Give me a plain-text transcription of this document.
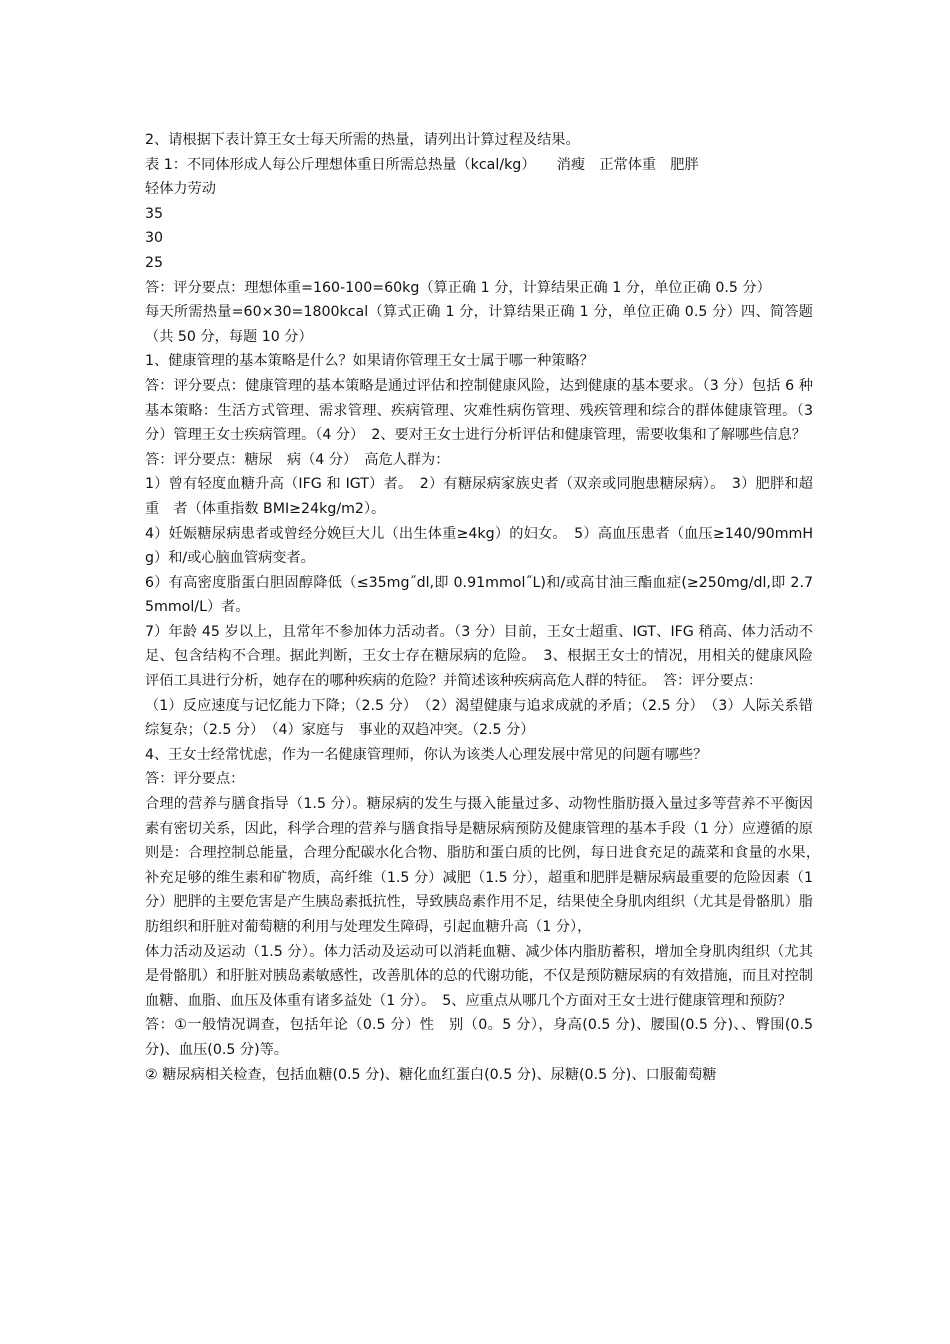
2、请根据下表计算王女士每天所需的热量，请列出计算过程及结果。

表 1：不同体形成人每公斤理想体重日所需总热量（kcal/kg）　　消瘦　正常体重　肥胖

轻体力劳动

35

30

25

答：评分要点：理想体重=160-100=60kg（算正确 1 分，计算结果正确 1 分，单位正确 0.5 分）

每天所需热量=60×30=1800kcal（算式正确 1 分，计算结果正确 1 分，单位正确 0.5 分）四、简答题（共 50 分，每题 10 分）

1、健康管理的基本策略是什么？如果请你管理王女士属于哪一种策略？

答：评分要点：健康管理的基本策略是通过评估和控制健康风险，达到健康的基本要求。（3 分）包括 6 种基本策略：生活方式管理、需求管理、疾病管理、灾难性病伤管理、残疾管理和综合的群体健康管理。（3 分）管理王女士疾病管理。（4 分）　2、要对王女士进行分析评估和健康管理，需要收集和了解哪些信息？

答：评分要点：糖尿　病（4 分）　高危人群为：

1）曾有轻度血糖升高（IFG 和 IGT）者。　2）有糖尿病家族史者（双亲或同胞患糖尿病）。　3）肥胖和超重　者（体重指数 BMI≥24kg/m2）。

4）妊娠糖尿病患者或曾经分娩巨大儿（出生体重≥4kg）的妇女。　5）高血压患者（血压≥140/90mmHg）和/或心脑血管病变者。

6）有高密度脂蛋白胆固醇降低（≤35mg˝dl,即 0.91mmol˝L)和/或高甘油三酯血症(≥250mg/dl,即 2.75mmol/L）者。

7）年龄 45 岁以上，且常年不参加体力活动者。（3 分）目前，王女士超重、IGT、IFG 稍高、体力活动不足、包含结构不合理。据此判断，王女士存在糖尿病的危险。　3、根据王女士的情况，用相关的健康风险评佰工具进行分析，她存在的哪种疾病的危险？并简述该种疾病高危人群的特征。　答：评分要点：

（1）反应速度与记忆能力下降；（2.5 分）　（2）渴望健康与追求成就的矛盾；（2.5 分）　（3）人际关系错综复杂；（2.5 分）　（4）家庭与　事业的双趋冲突。（2.5 分）

4、王女士经常忧虑，作为一名健康管理师，你认为该类人心理发展中常见的问题有哪些？

答：评分要点：

合理的营养与膳食指导（1.5 分）。糖尿病的发生与摄入能量过多、动物性脂肪摄入量过多等营养不平衡因素有密切关系，因此，科学合理的营养与膳食指导是糖尿病预防及健康管理的基本手段（1 分）应遵循的原则是：合理控制总能量，合理分配碳水化合物、脂肪和蛋白质的比例，每日进食充足的蔬菜和食量的水果，　补充足够的维生素和矿物质，高纤维（1.5 分）减肥（1.5 分），超重和肥胖是糖尿病最重要的危险因素（1 分）肥胖的主要危害是产生胰岛素抵抗性，导致胰岛素作用不足，结果使全身肌肉组织（尤其是骨骼肌）脂肪组织和肝脏对葡萄糖的利用与处理发生障碍，引起血糖升高（1 分），

体力活动及运动（1.5 分）。体力活动及运动可以消耗血糖、减少体内脂肪蓄积，增加全身肌肉组织（尤其是骨骼肌）和肝脏对胰岛素敏感性，改善肌体的总的代谢功能，不仅是预防糖尿病的有效措施，而且对控制血糖、血脂、血压及体重有诸多益处（1 分）。　5、应重点从哪几个方面对王女士进行健康管理和预防？

答：①一般情况调查，包括年论（0.5 分）性　别（0。5 分），身高(0.5 分)、腰围(0.5 分)、、臀围(0.5 分)、血压(0.5 分)等。

② 糖尿病相关检查，包括血糖(0.5 分)、糖化血红蛋白(0.5 分)、尿糖(0.5 分)、口服葡萄糖
